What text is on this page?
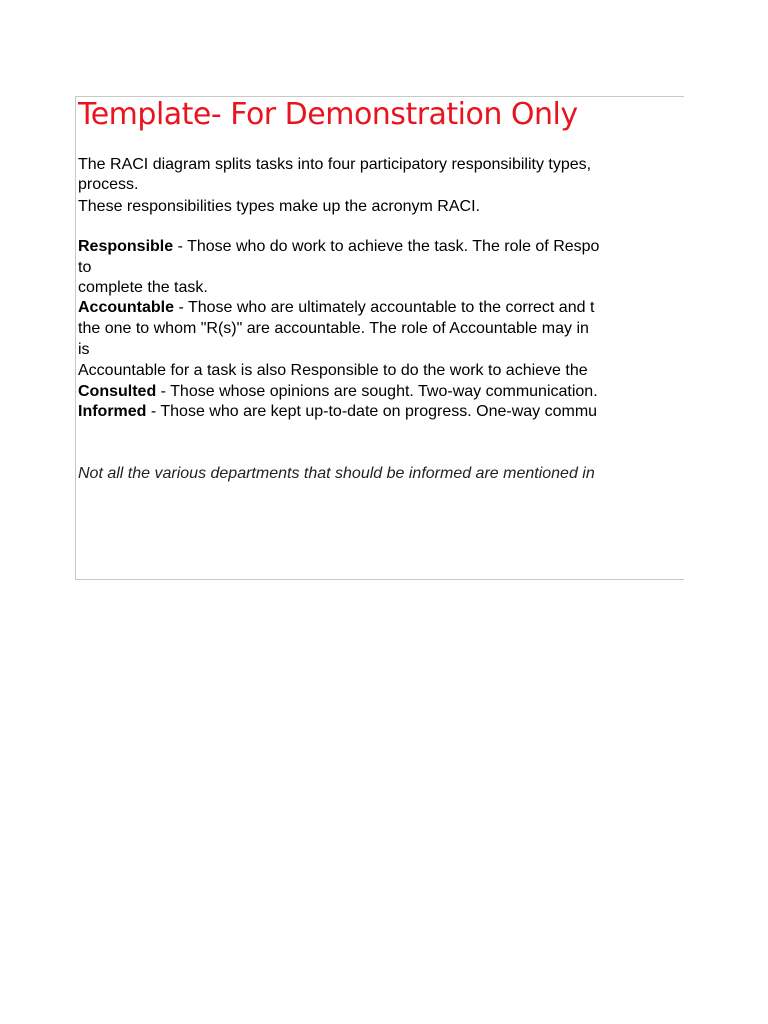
Template- For Demonstration Only
The RACI diagram splits tasks into four participatory responsibility types,
process.
These responsibilities types make up the acronym RACI.
Responsible - Those who do work to achieve the task. The role of Respo
to
complete the task.
Accountable - Those who are ultimately accountable to the correct and t
the one to whom "R(s)" are accountable. The role of Accountable may in
is
Accountable for a task is also Responsible to do the work to achieve the
Consulted - Those whose opinions are sought. Two-way communication.
Informed - Those who are kept up-to-date on progress. One-way commu
Not all the various departments that should be informed are mentioned in
